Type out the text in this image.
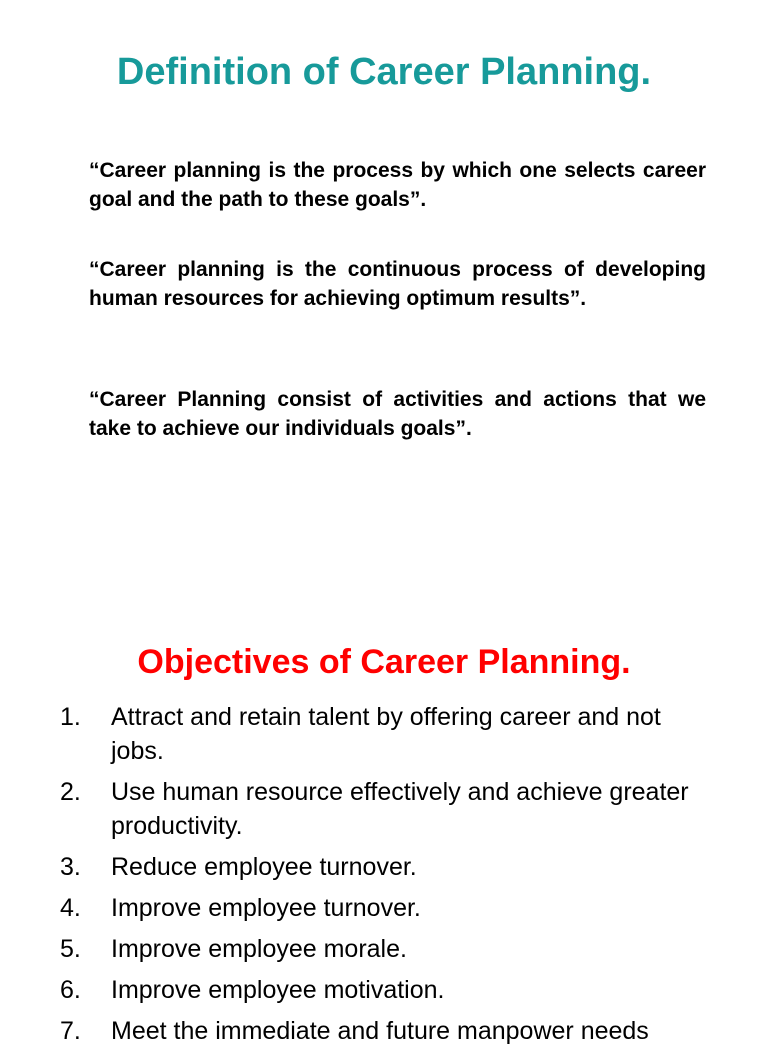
Definition of Career Planning.

“Career planning is the process by which one selects career goal and the path to these goals”.

“Career planning is the continuous process of developing human resources for achieving optimum results”.

“Career Planning consist of activities and actions that we take to achieve our individuals goals”.

Objectives of Career Planning.
1. Attract and retain talent by offering career and not jobs.
2. Use human resource effectively and achieve greater productivity.
3. Reduce employee turnover.
4. Improve employee turnover.
5. Improve employee morale.
6. Improve employee motivation.
7. Meet the immediate and future manpower needs
